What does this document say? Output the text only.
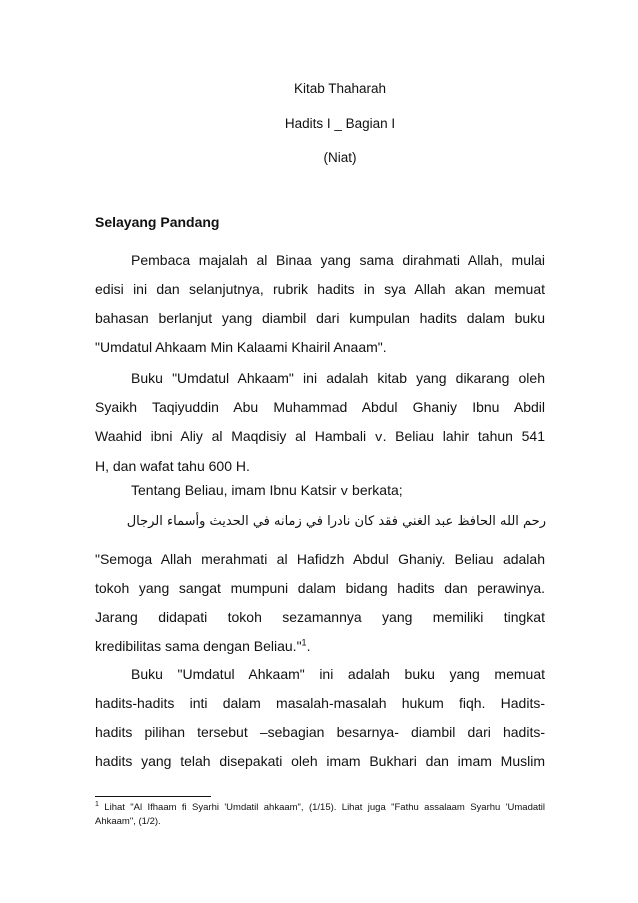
Kitab Thaharah
Hadits I _ Bagian I
(Niat)
Selayang Pandang
Pembaca majalah al Binaa yang sama dirahmati Allah, mulai
edisi ini dan selanjutnya, rubrik hadits in sya Allah akan memuat
bahasan berlanjut yang diambil dari kumpulan hadits dalam buku
"Umdatul Ahkaam Min Kalaami Khairil Anaam".
Buku "Umdatul Ahkaam" ini adalah kitab yang dikarang oleh
Syaikh Taqiyuddin Abu Muhammad Abdul Ghaniy Ibnu Abdil
Waahid ibni Aliy al Maqdisiy al Hambali v. Beliau lahir tahun 541
H, dan wafat tahu 600 H.
Tentang Beliau, imam Ibnu Katsir v berkata;
رحم الله الحافظ عبد الغني فقد كان نادرا في زمانه في الحديث وأسماء الرجال
"Semoga Allah merahmati al Hafidzh Abdul Ghaniy. Beliau adalah
tokoh yang sangat mumpuni dalam bidang hadits dan perawinya.
Jarang didapati tokoh sezamannya yang memiliki tingkat
kredibilitas sama dengan Beliau."$^1$.
Buku "Umdatul Ahkaam" ini adalah buku yang memuat
hadits-hadits inti dalam masalah-masalah hukum fiqh. Hadits-
hadits pilihan tersebut –sebagian besarnya- diambil dari hadits-
hadits yang telah disepakati oleh imam Bukhari dan imam Muslim
$^1$ Lihat "Al Ifhaam fi Syarhi 'Umdatil ahkaam", (1/15). Lihat juga "Fathu assalaam Syarhu 'Umadatil
Ahkaam", (1/2).
